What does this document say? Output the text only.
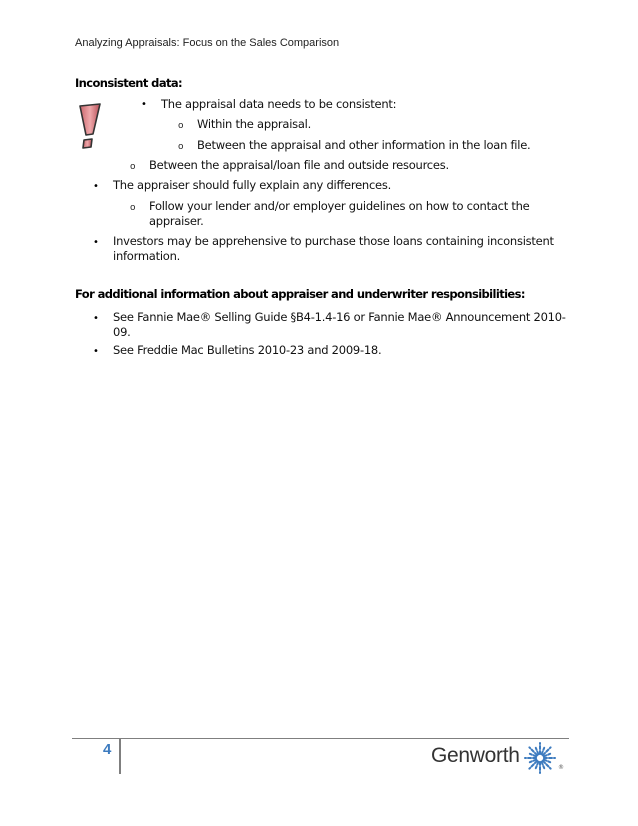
Analyzing Appraisals: Focus on the Sales Comparison
Inconsistent data:
• The appraisal data needs to be consistent:
o Within the appraisal.
o Between the appraisal and other information in the loan file.
o Between the appraisal/loan file and outside resources.
• The appraiser should fully explain any differences.
o Follow your lender and/or employer guidelines on how to contact the
appraiser.
• Investors may be apprehensive to purchase those loans containing inconsistent
information.
For additional information about appraiser and underwriter responsibilities:
• See Fannie Mae® Selling Guide §B4-1.4-16 or Fannie Mae® Announcement 2010-
09.
• See Freddie Mac Bulletins 2010-23 and 2009-18.
4	Genworth
®
